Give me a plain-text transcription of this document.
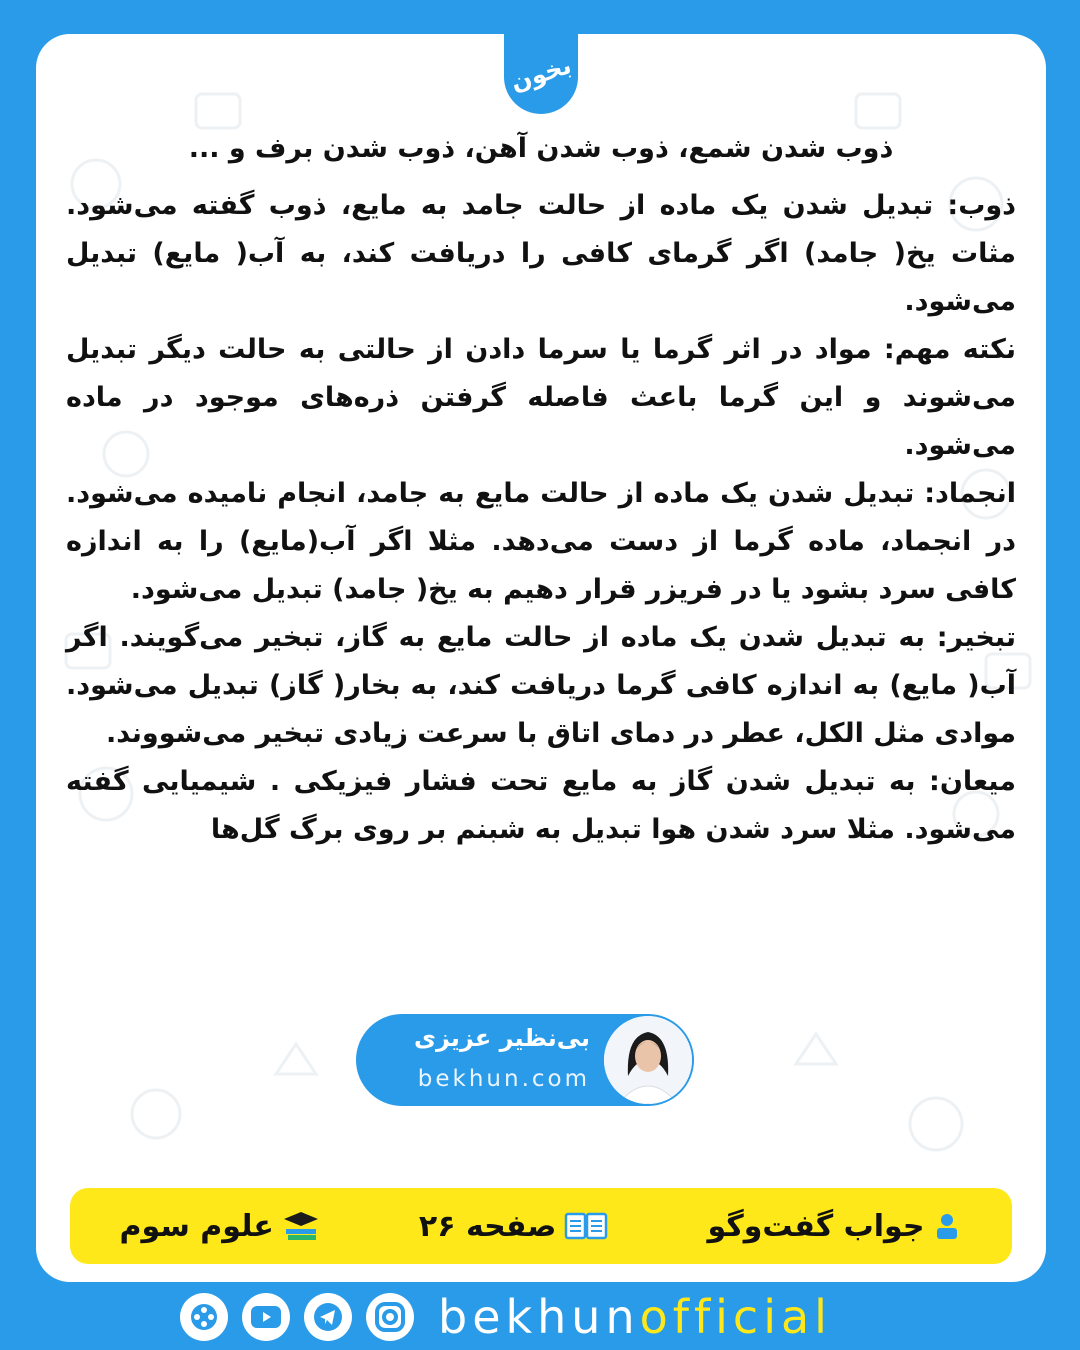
بخون

ذوب شدن شمع، ذوب شدن آهن، ذوب شدن برف و ...

ذوب: تبدیل شدن یک ماده از حالت جامد به مایع، ذوب گفته می‌شود. مثات یخ( جامد) اگر گرمای کافی را دریافت کند، به آب( مایع) تبدیل می‌شود.

نکته مهم: مواد در اثر گرما یا سرما دادن از حالتی به حالت دیگر تبدیل می‌شوند و این گرما باعث فاصله گرفتن ذره‌های موجود در ماده می‌شود.

انجماد: تبدیل شدن یک ماده از حالت مایع به جامد، انجام نامیده می‌شود. در انجماد، ماده گرما از دست می‌دهد. مثلا اگر آب(مایع) را به اندازه کافی سرد بشود یا در فریزر قرار دهیم به یخ( جامد) تبدیل می‌شود.

تبخیر: به تبدیل شدن یک ماده از حالت مایع به گاز، تبخیر می‌گویند. اگر آب( مایع) به اندازه کافی گرما دریافت کند، به بخار( گاز) تبدیل می‌شود. موادی مثل الکل، عطر در دمای اتاق با سرعت زیادی تبخیر می‌شووند.

میعان: به تبدیل شدن گاز به مایع تحت فشار فیزیکی . شیمیایی گفته می‌شود. مثلا سرد شدن هوا تبدیل به شبنم بر روی برگ گل‌ها

بی‌نظیر عزیزی
bekhun.com
جواب گفت‌وگو
صفحه ۲۶
علوم سوم
bekhunofficial
